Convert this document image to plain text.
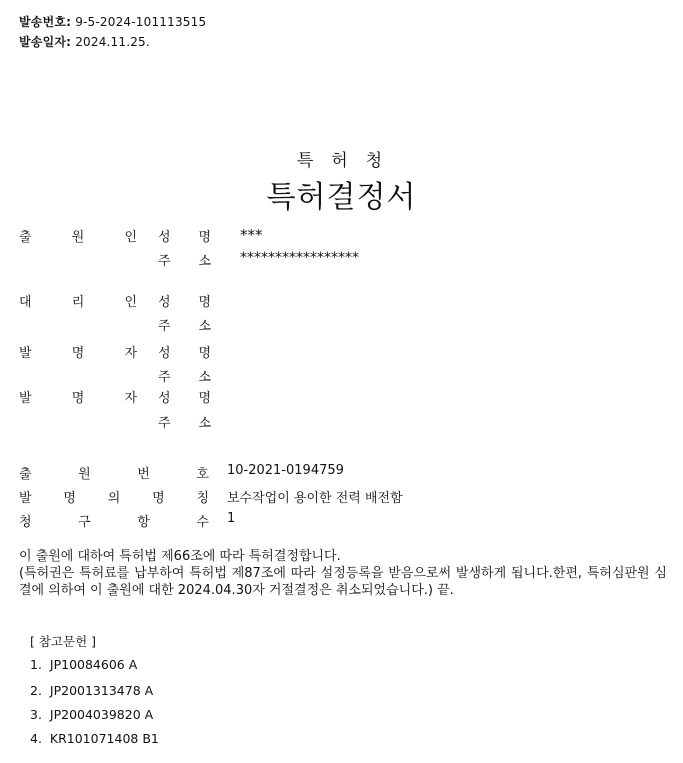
발송번호: 9-5-2024-101113515
발송일자: 2024.11.25.
특허청
특허결정서
출	원	인 성 명 ***
주 소 *****************
대	리	인 성 명
주 소
발	명	자 성 명
주 소
발	명	자 성 명
주 소
출	원	번	호 10-2021-0194759
발 명 의 명 칭 보수작업이 용이한 전력 배전함
청	구	항	수 1

이 출원에 대하여 특허법 제66조에 따라 특허결정합니다.

(특허권은 특허료를 납부하여 특허법 제87조에 따라 설정등록을 받음으로써 발생하게 됩니다.한편, 특허심판원 심결에 의하여 이 출원에 대한 2024.04.30자 거절결정은 취소되었습니다.) 끝.

[ 참고문헌 ]
1. JP10084606 A
2. JP2001313478 A
3. JP2004039820 A
4. KR101071408 B1
